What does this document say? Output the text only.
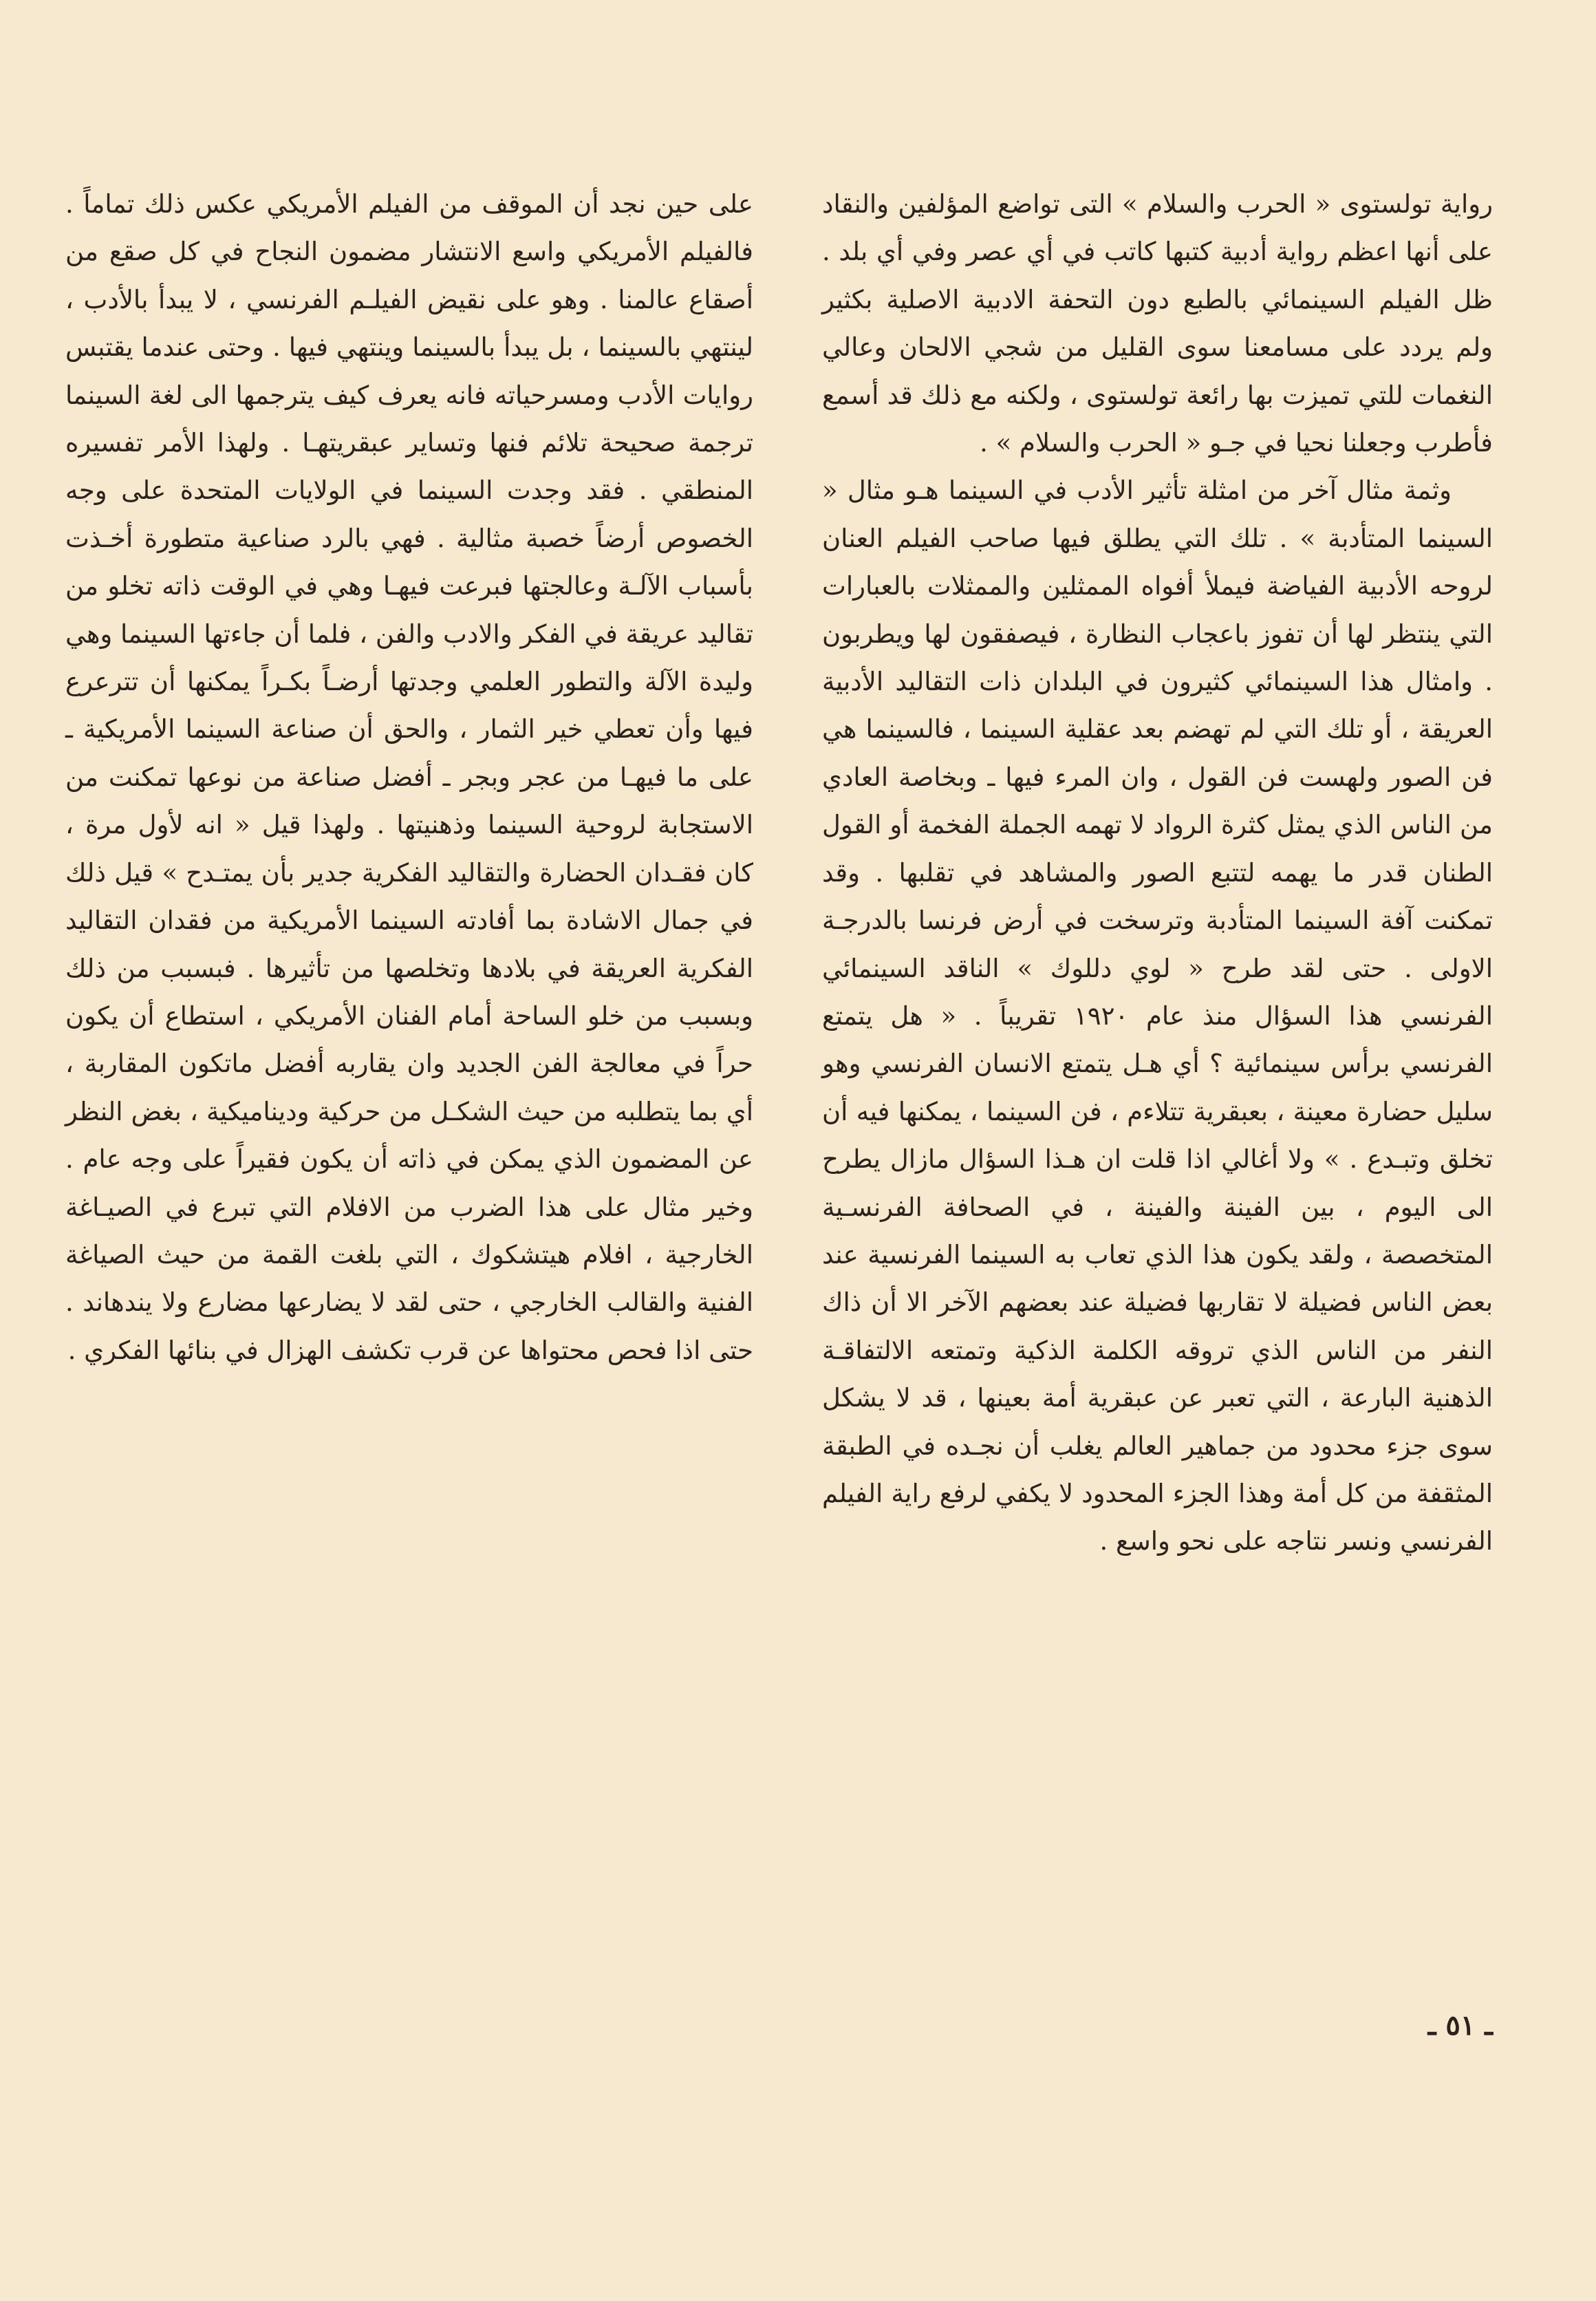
رواية تولستوى « الحرب والسلام » التى تواضع المؤلفين والنقاد على أنها اعظم رواية أدبية كتبها كاتب في أي عصر وفي أي بلد . ظل الفيلم السينمائي بالطبع دون التحفة الادبية الاصلية بكثير ولم يردد على مسامعنا سوى القليل من شجي الالحان وعالي النغمات للتي تميزت بها رائعة تولستوى ، ولكنه مع ذلك قد أسمع فأطرب وجعلنا نحيا في جـو « الحرب والسلام » .

وثمة مثال آخر من امثلة تأثير الأدب في السينما هـو مثال « السينما المتأدبة » . تلك التي يطلق فيها صاحب الفيلم العنان لروحه الأدبية الفياضة فيملأ أفواه الممثلين والممثلات بالعبارات التي ينتظر لها أن تفوز باعجاب النظارة ، فيصفقون لها ويطربون . وامثال هذا السينمائي كثيرون في البلدان ذات التقاليد الأدبية العريقة ، أو تلك التي لم تهضم بعد عقلية السينما ، فالسينما هي فن الصور ولهست فن القول ، وان المرء فيها ـ وبخاصة العادي من الناس الذي يمثل كثرة الرواد لا تهمه الجملة الفخمة أو القول الطنان قدر ما يهمه لتتبع الصور والمشاهد في تقلبها . وقد تمكنت آفة السينما المتأدبة وترسخت في أرض فرنسا بالدرجـة الاولى . حتى لقد طرح « لوي دللوك » الناقد السينمائي الفرنسي هذا السؤال منذ عام ١٩٢٠ تقريباً . « هل يتمتع الفرنسي برأس سينمائية ؟ أي هـل يتمتع الانسان الفرنسي وهو سليل حضارة معينة ، بعبقرية تتلاءم ، فن السينما ، يمكنها فيه أن تخلق وتبـدع . » ولا أغالي اذا قلت ان هـذا السؤال مازال يطرح الى اليوم ، بين الفينة والفينة ، في الصحافة الفرنسـية المتخصصة ، ولقد يكون هذا الذي تعاب به السينما الفرنسية عند بعض الناس فضيلة لا تقاربها فضيلة عند بعضهم الآخر الا أن ذاك النفر من الناس الذي تروقه الكلمة الذكية وتمتعه الالتفاقـة الذهنية البارعة ، التي تعبر عن عبقرية أمة بعينها ، قد لا يشكل سوى جزء محدود من جماهير العالم يغلب أن نجـده في الطبقة المثقفة من كل أمة وهذا الجزء المحدود لا يكفي لرفع راية الفيلم الفرنسي ونسر نتاجه على نحو واسع .

على حين نجد أن الموقف من الفيلم الأمريكي عكس ذلك تماماً . فالفيلم الأمريكي واسع الانتشار مضمون النجاح في كل صقع من أصقاع عالمنا . وهو على نقيض الفيلـم الفرنسي ، لا يبدأ بالأدب ، لينتهي بالسينما ، بل يبدأ بالسينما وينتهي فيها . وحتى عندما يقتبس روايات الأدب ومسرحياته فانه يعرف كيف يترجمها الى لغة السينما ترجمة صحيحة تلائم فنها وتساير عبقريتهـا . ولهذا الأمر تفسيره المنطقي . فقد وجدت السينما في الولايات المتحدة على وجه الخصوص أرضاً خصبة مثالية . فهي بالرد صناعية متطورة أخـذت بأسباب الآلـة وعالجتها فبرعت فيهـا وهي في الوقت ذاته تخلو من تقاليد عريقة في الفكر والادب والفن ، فلما أن جاءتها السينما وهي وليدة الآلة والتطور العلمي وجدتها أرضـاً بكـراً يمكنها أن تترعرع فيها وأن تعطي خير الثمار ، والحق أن صناعة السينما الأمريكية ـ على ما فيهـا من عجر وبجر ـ أفضل صناعة من نوعها تمكنت من الاستجابة لروحية السينما وذهنيتها . ولهذا قيل « انه لأول مرة ، كان فقـدان الحضارة والتقاليد الفكرية جدير بأن يمتـدح » قيل ذلك في جمال الاشادة بما أفادته السينما الأمريكية من فقدان التقاليد الفكرية العريقة في بلادها وتخلصها من تأثيرها . فبسبب من ذلك وبسبب من خلو الساحة أمام الفنان الأمريكي ، استطاع أن يكون حراً في معالجة الفن الجديد وان يقاربه أفضل ماتكون المقاربة ، أي بما يتطلبه من حيث الشكـل من حركية وديناميكية ، بغض النظر عن المضمون الذي يمكن في ذاته أن يكون فقيراً على وجه عام . وخير مثال على هذا الضرب من الافلام التي تبرع في الصيـاغة الخارجية ، افلام هيتشكوك ، التي بلغت القمة من حيث الصياغة الفنية والقالب الخارجي ، حتى لقد لا يضارعها مضارع ولا يندهاند . حتى اذا فحص محتواها عن قرب تكشف الهزال في بنائها الفكري .

ـ ٥١ ـ
